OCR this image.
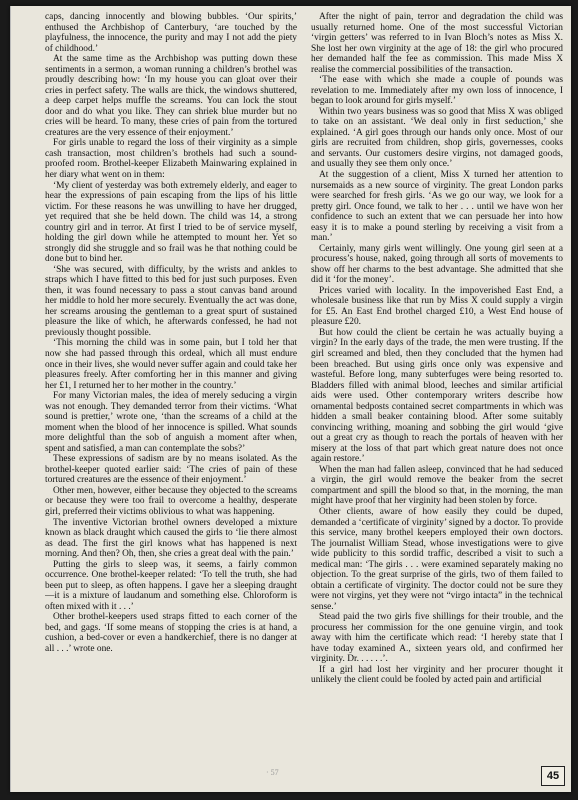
caps, dancing innocently and blowing bubbles. ‘Our spirits,’ enthused the Archbishop of Canterbury, ‘are touched by the playfulness, the innocence, the purity and may I not add the piety of childhood.’

At the same time as the Archbishop was putting down these sentiments in a sermon, a woman running a children’s brothel was proudly describing how: ‘In my house you can gloat over their cries in perfect safety. The walls are thick, the windows shuttered, a deep carpet helps muffle the screams. You can lock the stout door and do what you like. They can shriek blue murder but no cries will be heard. To many, these cries of pain from the tortured creatures are the very essence of their enjoyment.’

For girls unable to regard the loss of their virginity as a simple cash transaction, most children’s brothels had such a sound-proofed room. Brothel-keeper Elizabeth Mainwaring explained in her diary what went on in them:

‘My client of yesterday was both extremely elderly, and eager to hear the expressions of pain escaping from the lips of his little victim. For these reasons he was unwilling to have her drugged, yet required that she be held down. The child was 14, a strong country girl and in terror. At first I tried to be of service myself, holding the girl down while he attempted to mount her. Yet so strongly did she struggle and so frail was he that nothing could be done but to bind her.

‘She was secured, with difficulty, by the wrists and ankles to straps which I have fitted to this bed for just such purposes. Even then, it was found necessary to pass a stout canvas band around her middle to hold her more securely. Eventually the act was done, her screams arousing the gentleman to a great spurt of sustained pleasure the like of which, he afterwards confessed, he had not previously thought possible.

‘This morning the child was in some pain, but I told her that now she had passed through this ordeal, which all must endure once in their lives, she would never suffer again and could take her pleasures freely. After comforting her in this manner and giving her £1, I returned her to her mother in the country.’

For many Victorian males, the idea of merely seducing a virgin was not enough. They demanded terror from their victims. ‘What sound is prettier,’ wrote one, ‘than the screams of a child at the moment when the blood of her innocence is spilled. What sounds more delightful than the sob of anguish a moment after when, spent and satisfied, a man can contemplate the sobs?’

These expressions of sadism are by no means isolated. As the brothel-keeper quoted earlier said: ‘The cries of pain of these tortured creatures are the essence of their enjoyment.’

Other men, however, either because they objected to the screams or because they were too frail to overcome a healthy, desperate girl, preferred their victims oblivious to what was happening.

The inventive Victorian brothel owners developed a mixture known as black draught which caused the girls to ‘lie there almost as dead. The first the girl knows what has happened is next morning. And then? Oh, then, she cries a great deal with the pain.’

Putting the girls to sleep was, it seems, a fairly common occurrence. One brothel-keeper related: ‘To tell the truth, she had been put to sleep, as often happens. I gave her a sleeping draught—it is a mixture of laudanum and something else. Chloroform is often mixed with it . . .’

Other brothel-keepers used straps fitted to each corner of the bed, and gags. ‘If some means of stopping the cries is at hand, a cushion, a bed-cover or even a handkerchief, there is no danger at all . . .’ wrote one.

After the night of pain, terror and degradation the child was usually returned home. One of the most successful Victorian ‘virgin getters’ was referred to in Ivan Bloch’s notes as Miss X. She lost her own virginity at the age of 18: the girl who procured her demanded half the fee as commission. This made Miss X realise the commercial possibilities of the transaction.

‘The ease with which she made a couple of pounds was revelation to me. Immediately after my own loss of innocence, I began to look around for girls myself.’

Within two years business was so good that Miss X was obliged to take on an assistant. ‘We deal only in first seduction,’ she explained. ‘A girl goes through our hands only once. Most of our girls are recruited from children, shop girls, governesses, cooks and servants. Our customers desire virgins, not damaged goods, and usually they see them only once.’

At the suggestion of a client, Miss X turned her attention to nursemaids as a new source of virginity. The great London parks were searched for fresh girls. ‘As we go our way, we look for a pretty girl. Once found, we talk to her . . . until we have won her confidence to such an extent that we can persuade her into how easy it is to make a pound sterling by receiving a visit from a man.’

Certainly, many girls went willingly. One young girl seen at a procuress’s house, naked, going through all sorts of movements to show off her charms to the best advantage. She admitted that she did it ‘for the money’.

Prices varied with locality. In the impoverished East End, a wholesale business like that run by Miss X could supply a virgin for £5. An East End brothel charged £10, a West End house of pleasure £20.

But how could the client be certain he was actually buying a virgin? In the early days of the trade, the men were trusting. If the girl screamed and bled, then they concluded that the hymen had been breached. But using girls once only was expensive and wasteful. Before long, many subterfuges were being resorted to. Bladders filled with animal blood, leeches and similar artificial aids were used. Other contemporary writers describe how ornamental bedposts contained secret compartments in which was hidden a small beaker containing blood. After some suitably convincing writhing, moaning and sobbing the girl would ‘give out a great cry as though to reach the portals of heaven with her misery at the loss of that part which great nature does not once again restore.’

When the man had fallen asleep, convinced that he had seduced a virgin, the girl would remove the beaker from the secret compartment and spill the blood so that, in the morning, the man might have proof that her virginity had been stolen by force.

Other clients, aware of how easily they could be duped, demanded a ‘certificate of virginity’ signed by a doctor. To provide this service, many brothel keepers employed their own doctors. The journalist William Stead, whose investigations were to give wide publicity to this sordid traffic, described a visit to such a medical man: ‘The girls . . . were examined separately making no objection. To the great surprise of the girls, two of them failed to obtain a certificate of virginity. The doctor could not be sure they were not virgins, yet they were not “virgo intacta” in the technical sense.’

Stead paid the two girls five shillings for their trouble, and the procuress her commission for the one genuine virgin, and took away with him the certificate which read: ‘I hereby state that I have today examined A., sixteen years old, and confirmed her virginity. Dr. . . . . .’.

If a girl had lost her virginity and her procurer thought it unlikely the client could be fooled by acted pain and artificial

· 57	45
